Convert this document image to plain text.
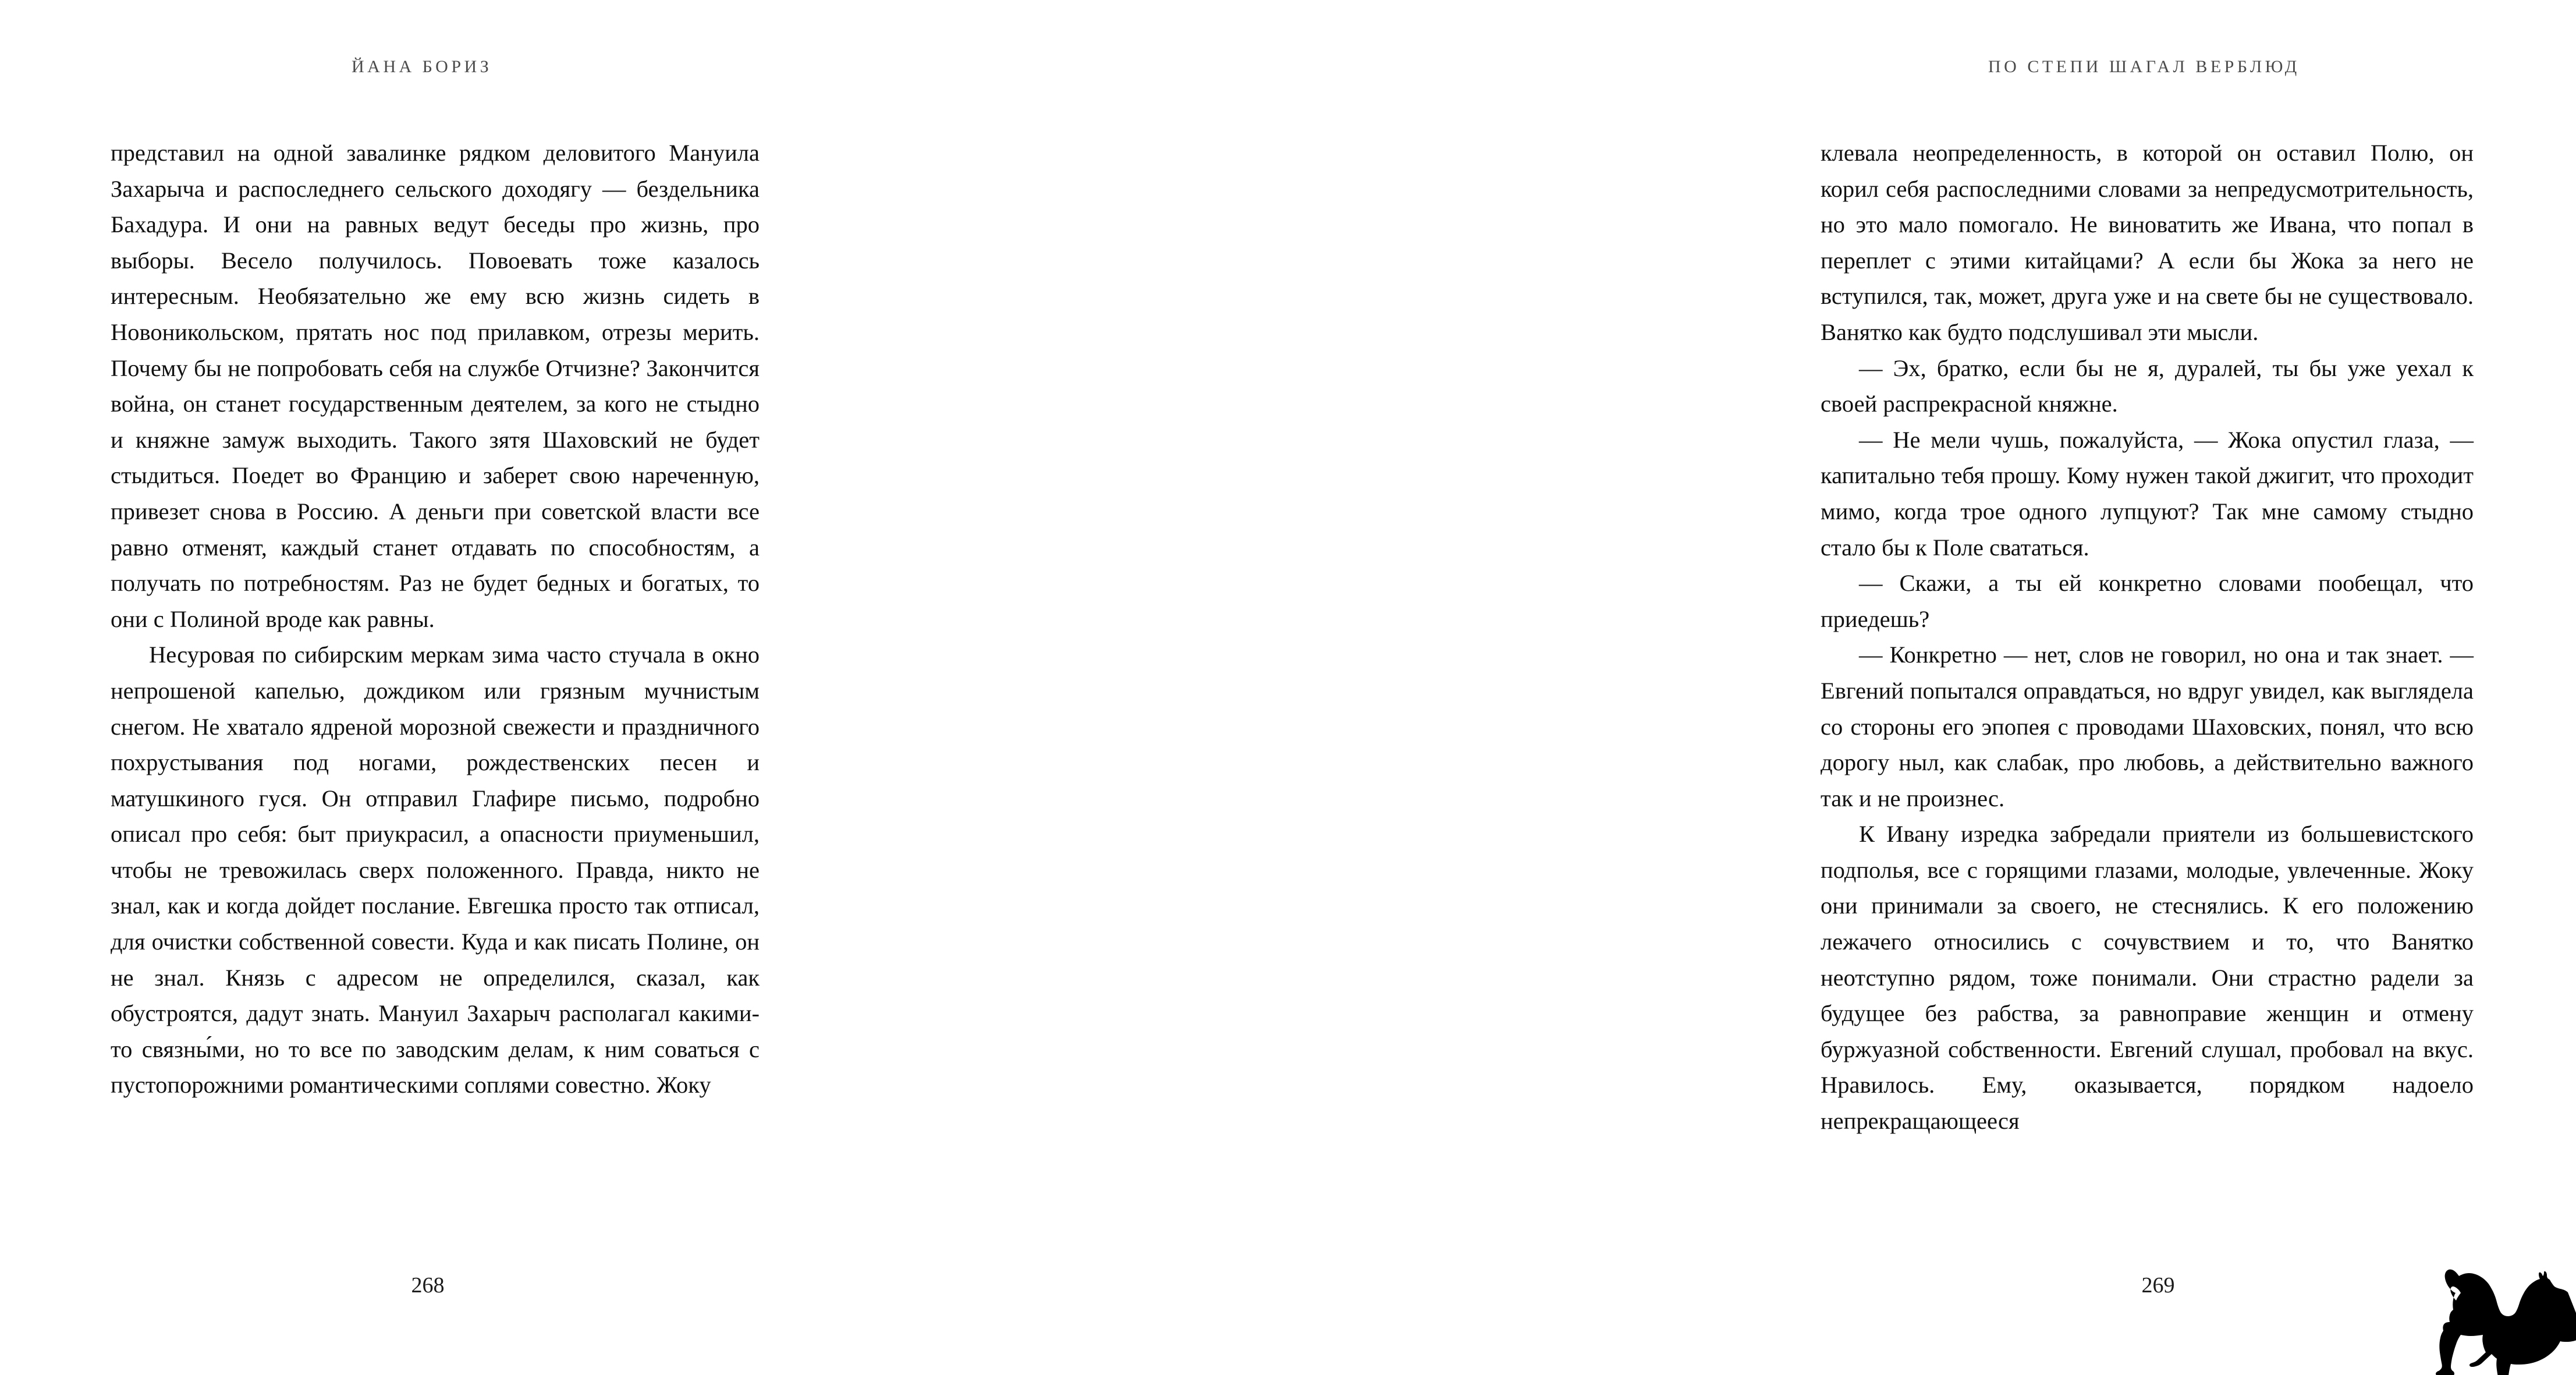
ЙАНА БОРИЗ

представил на одной завалинке рядком деловитого Мануила Захарыча и распоследнего сельского доходягу — бездельника Бахадура. И они на равных ведут беседы про жизнь, про выборы. Весело получилось. Повоевать тоже казалось интересным. Необязательно же ему всю жизнь сидеть в Новоникольском, прятать нос под прилавком, отрезы мерить. Почему бы не попробовать себя на службе Отчизне? Закончится война, он станет государственным деятелем, за кого не стыдно и княжне замуж выходить. Такого зятя Шаховский не будет стыдиться. Поедет во Францию и заберет свою нареченную, привезет снова в Россию. А деньги при советской власти все равно отменят, каждый станет отдавать по способностям, а получать по потребностям. Раз не будет бедных и богатых, то они с Полиной вроде как равны.

Несуровая по сибирским меркам зима часто стучала в окно непрошеной капелью, дождиком или грязным мучнистым снегом. Не хватало ядреной морозной свежести и праздничного похрустывания под ногами, рождественских песен и матушкиного гуся. Он отправил Глафире письмо, подробно описал про себя: быт приукрасил, а опасности приуменьшил, чтобы не тревожилась сверх положенного. Правда, никто не знал, как и когда дойдет послание. Евгешка просто так отписал, для очистки собственной совести. Куда и как писать Полине, он не знал. Князь с адресом не определился, сказал, как обустроятся, дадут знать. Мануил Захарыч располагал какими-то связны́ми, но то все по заводским делам, к ним соваться с пустопорожними романтическими соплями совестно. Жоку

268
ПО СТЕПИ ШАГАЛ ВЕРБЛЮД

клевала неопределенность, в которой он оставил Полю, он корил себя распоследними словами за непредусмотрительность, но это мало помогало. Не виноватить же Ивана, что попал в переплет с этими китайцами? А если бы Жока за него не вступился, так, может, друга уже и на свете бы не существовало. Ванятко как будто подслушивал эти мысли.

— Эх, братко, если бы не я, дуралей, ты бы уже уехал к своей распрекрасной княжне.

— Не мели чушь, пожалуйста, — Жока опустил глаза, — капитально тебя прошу. Кому нужен такой джигит, что проходит мимо, когда трое одного лупцуют? Так мне самому стыдно стало бы к Поле свататься.

— Скажи, а ты ей конкретно словами пообещал, что приедешь?

— Конкретно — нет, слов не говорил, но она и так знает. — Евгений попытался оправдаться, но вдруг увидел, как выглядела со стороны его эпопея с проводами Шаховских, понял, что всю дорогу ныл, как слабак, про любовь, а действительно важного так и не произнес.

К Ивану изредка забредали приятели из большевистского подполья, все с горящими глазами, молодые, увлеченные. Жоку они принимали за своего, не стеснялись. К его положению лежачего относились с сочувствием и то, что Ванятко неотступно рядом, тоже понимали. Они страстно радели за будущее без рабства, за равноправие женщин и отмену буржуазной собственности. Евгений слушал, пробовал на вкус. Нравилось. Ему, оказывается, порядком надоело непрекращающееся

269
